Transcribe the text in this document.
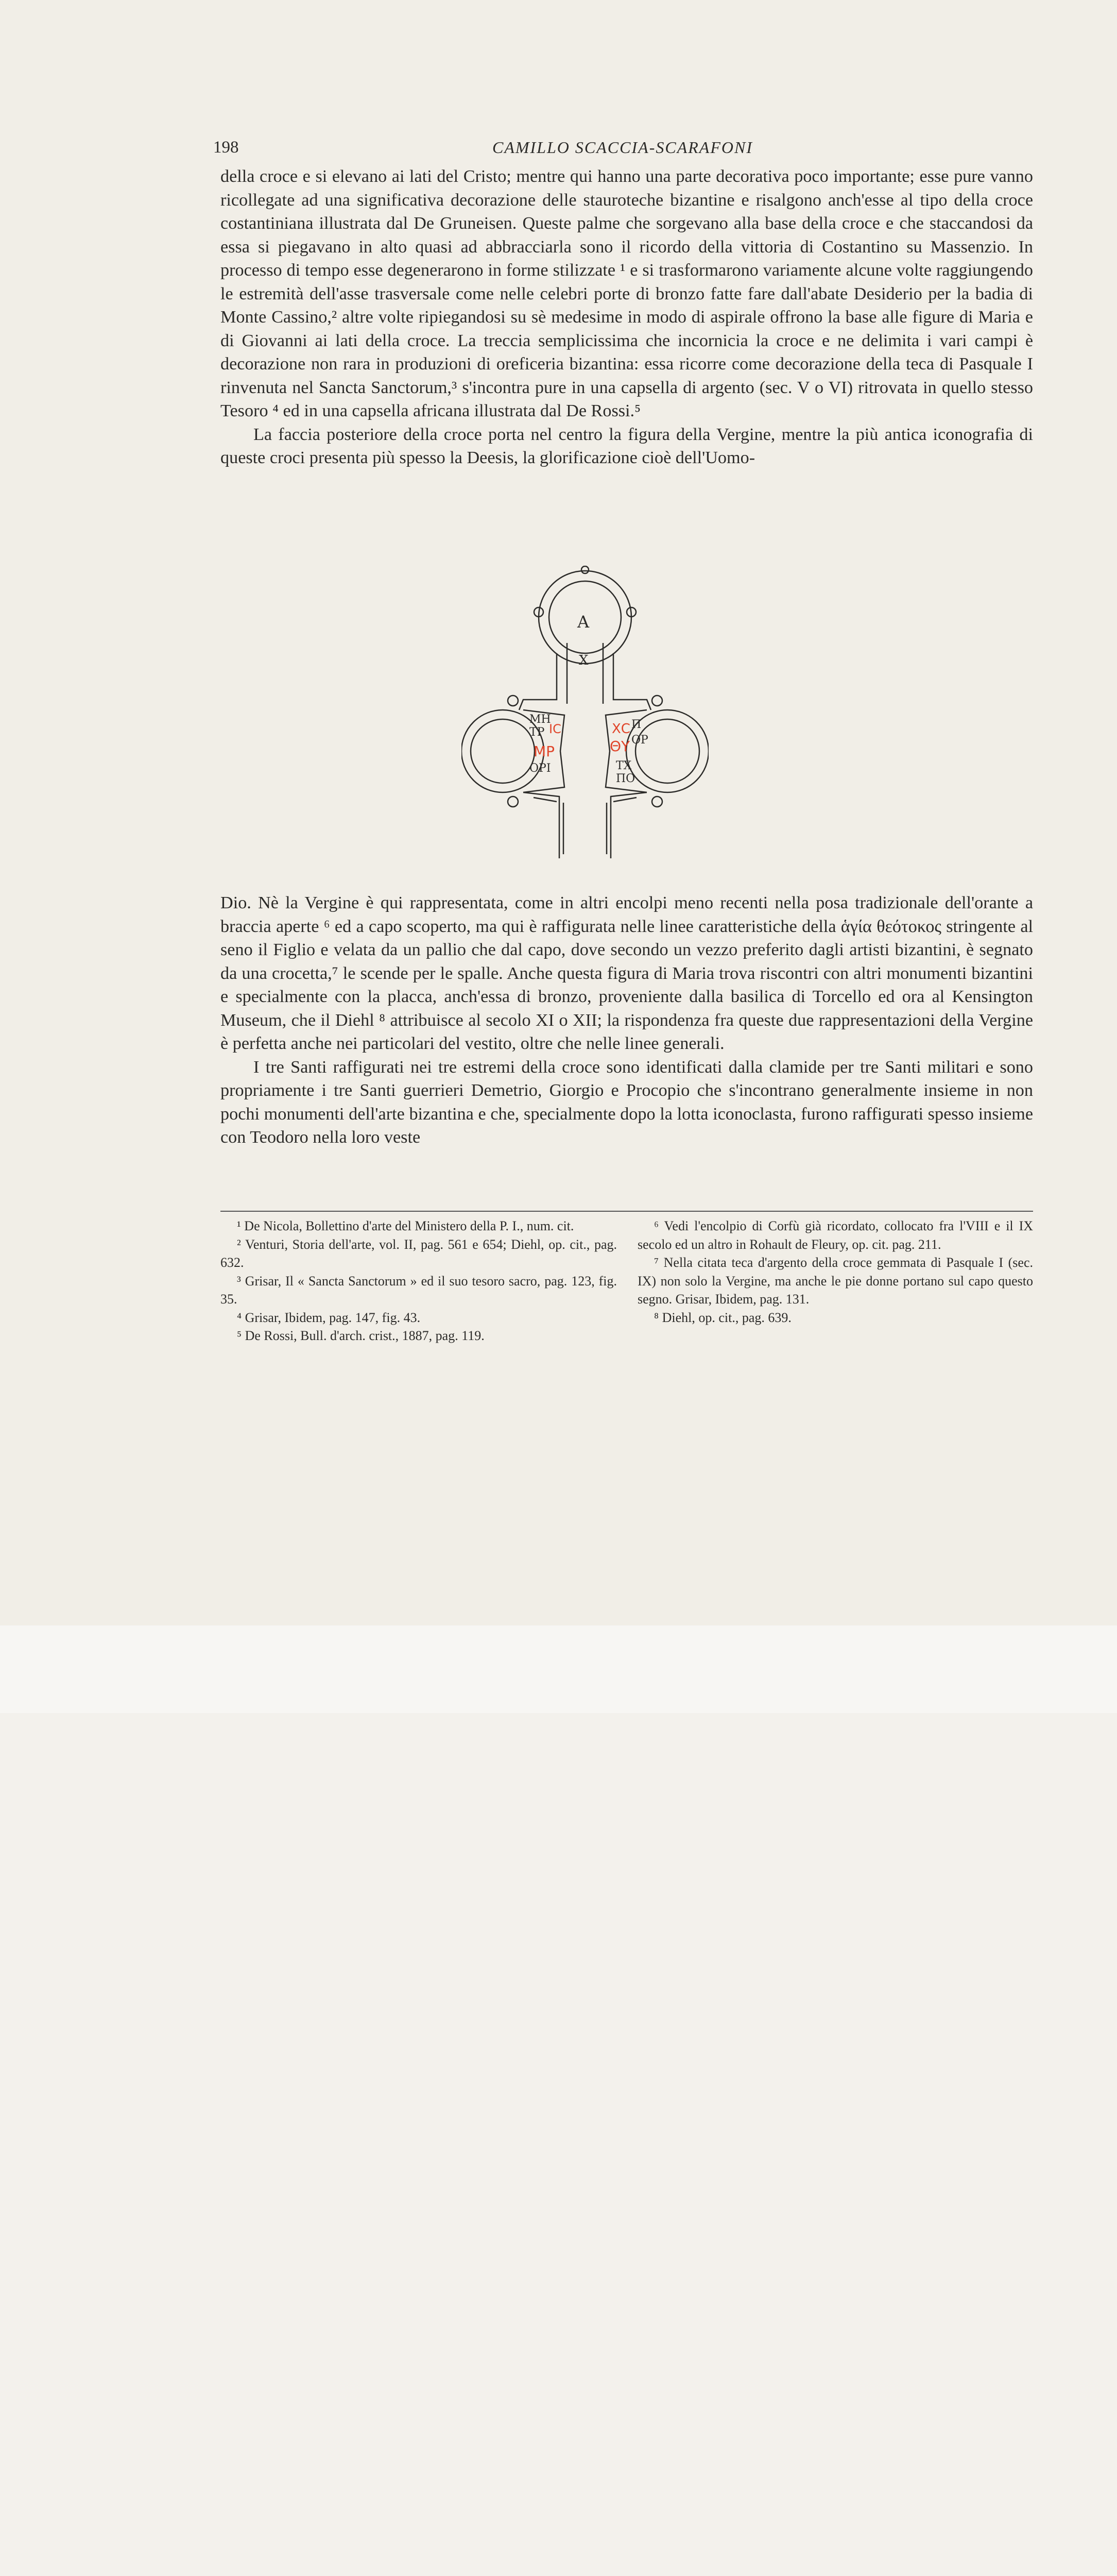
198	CAMILLO SCACCIA-SCARAFONI

della croce e si elevano ai lati del Cristo; mentre qui hanno una parte decorativa poco importante; esse pure vanno ricollegate ad una significativa decorazione delle stauroteche bizantine e risalgono anch'esse al tipo della croce costantiniana illustrata dal De Gruneisen. Queste palme che sorgevano alla base della croce e che staccandosi da essa si piegavano in alto quasi ad abbracciarla sono il ricordo della vittoria di Costantino su Massenzio. In processo di tempo esse degenerarono in forme stilizzate ¹ e si trasformarono variamente alcune volte raggiungendo le estremità dell'asse trasversale come nelle celebri porte di bronzo fatte fare dall'abate Desiderio per la badia di Monte Cassino,² altre volte ripiegandosi su sè medesime in modo di aspirale offrono la base alle figure di Maria e di Giovanni ai lati della croce. La treccia semplicissima che incornicia la croce e ne delimita i vari campi è decorazione non rara in produzioni di oreficeria bizantina: essa ricorre come decorazione della teca di Pasquale I rinvenuta nel Sancta Sanctorum,³ s'incontra pure in una capsella di argento (sec. V o VI) ritrovata in quello stesso Tesoro ⁴ ed in una capsella africana illustrata dal De Rossi.⁵

La faccia posteriore della croce porta nel centro la figura della Vergine, mentre la più antica iconografia di queste croci presenta più spesso la Deesis, la glorificazione cioè dell'Uomo-

Α
Χ
ΜΗ
ΤΡ
ΟΡΙ
Π
ΟΡ
ΤΧ
ΠΟ
ΙC
ΜΡ
ΧC
ΘΥ

Dio. Nè la Vergine è qui rappresentata, come in altri encolpi meno recenti nella posa tradizionale dell'orante a braccia aperte ⁶ ed a capo scoperto, ma qui è raffigurata nelle linee caratteristiche della ἁγία θεότοκος stringente al seno il Figlio e velata da un pallio che dal capo, dove secondo un vezzo preferito dagli artisti bizantini, è segnato da una crocetta,⁷ le scende per le spalle. Anche questa figura di Maria trova riscontri con altri monumenti bizantini e specialmente con la placca, anch'essa di bronzo, proveniente dalla basilica di Torcello ed ora al Kensington Museum, che il Diehl ⁸ attribuisce al secolo XI o XII; la rispondenza fra queste due rappresentazioni della Vergine è perfetta anche nei particolari del vestito, oltre che nelle linee generali.

I tre Santi raffigurati nei tre estremi della croce sono identificati dalla clamide per tre Santi militari e sono propriamente i tre Santi guerrieri Demetrio, Giorgio e Procopio che s'incontrano generalmente insieme in non pochi monumenti dell'arte bizantina e che, specialmente dopo la lotta iconoclasta, furono raffigurati spesso insieme con Teodoro nella loro veste

¹ De Nicola, Bollettino d'arte del Ministero della P. I., num. cit.

² Venturi, Storia dell'arte, vol. II, pag. 561 e 654; Diehl, op. cit., pag. 632.

³ Grisar, Il « Sancta Sanctorum » ed il suo tesoro sacro, pag. 123, fig. 35.

⁴ Grisar, Ibidem, pag. 147, fig. 43.

⁵ De Rossi, Bull. d'arch. crist., 1887, pag. 119.

⁶ Vedi l'encolpio di Corfù già ricordato, collocato fra l'VIII e il IX secolo ed un altro in Rohault de Fleury, op. cit. pag. 211.

⁷ Nella citata teca d'argento della croce gemmata di Pasquale I (sec. IX) non solo la Vergine, ma anche le pie donne portano sul capo questo segno. Grisar, Ibidem, pag. 131.

⁸ Diehl, op. cit., pag. 639.
